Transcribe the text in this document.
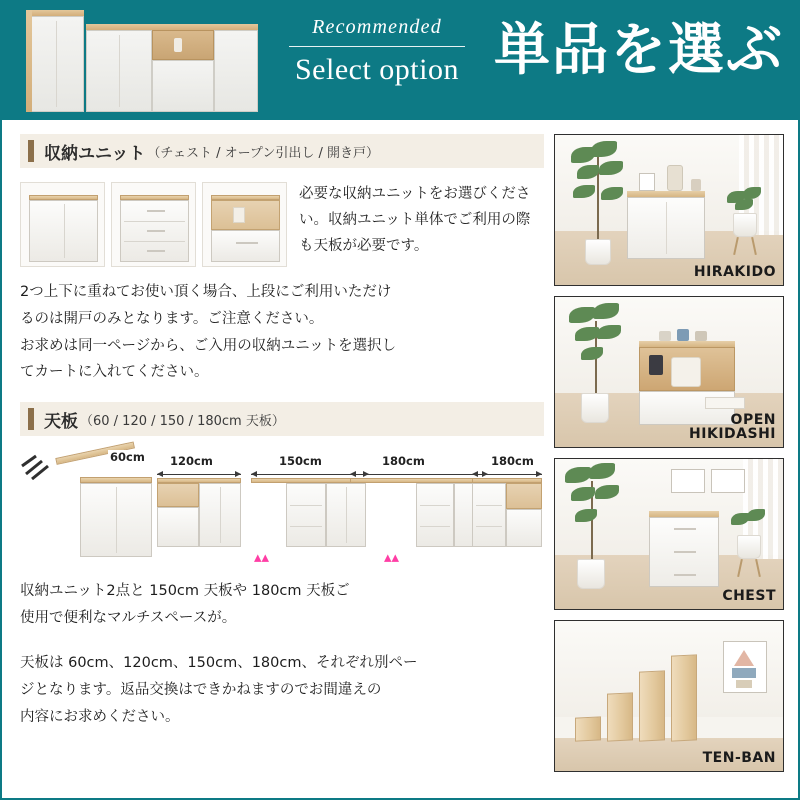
Recommended
Select option 単品を選ぶ
収納ユニット （チェスト / オープン引出し / 開き戸）
必要な収納ユニットをお選びください。収納ユニット単体でご利用の際も天板が必要です。
2つ上下に重ねてお使い頂く場合、上段にご利用いただけ
るのは開戸のみとなります。ご注意ください。
お求めは同一ページから、ご入用の収納ユニットを選択し
てカートに入れてください。
天板 （60 / 120 / 150 / 180cm 天板）
60cm 120cm	150cm
▴▴
180cm
▴▴
180cm
収納ユニット2点と 150cm 天板や 180cm 天板ご
使用で便利なマルチスペースが。
天板は 60cm、120cm、150cm、180cm、それぞれ別ペー
ジとなります。返品交換はできかねますのでお間違えの
内容にお求めください。
HIRAKIDO
OPEN
HIKIDASHI
CHEST
TEN-BAN
